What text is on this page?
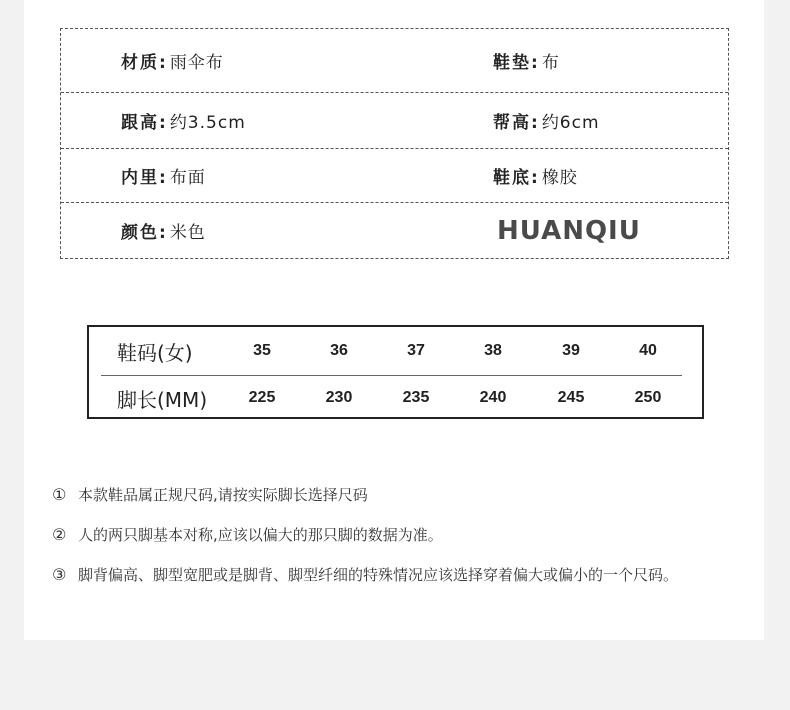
材质: 雨伞布	鞋垫: 布
跟高: 约3.5cm	帮高: 约6cm
内里: 布面	鞋底: 橡胶
颜色: 米色	HUANQIU
鞋码(女)	35	36	37	38	39	40
脚长(MM)	225	230	235	240	245	250
① 本款鞋品属正规尺码,请按实际脚长选择尺码
② 人的两只脚基本对称,应该以偏大的那只脚的数据为准。
③ 脚背偏高、脚型宽肥或是脚背、脚型纤细的特殊情况应该选择穿着偏大或偏小的一个尺码。
